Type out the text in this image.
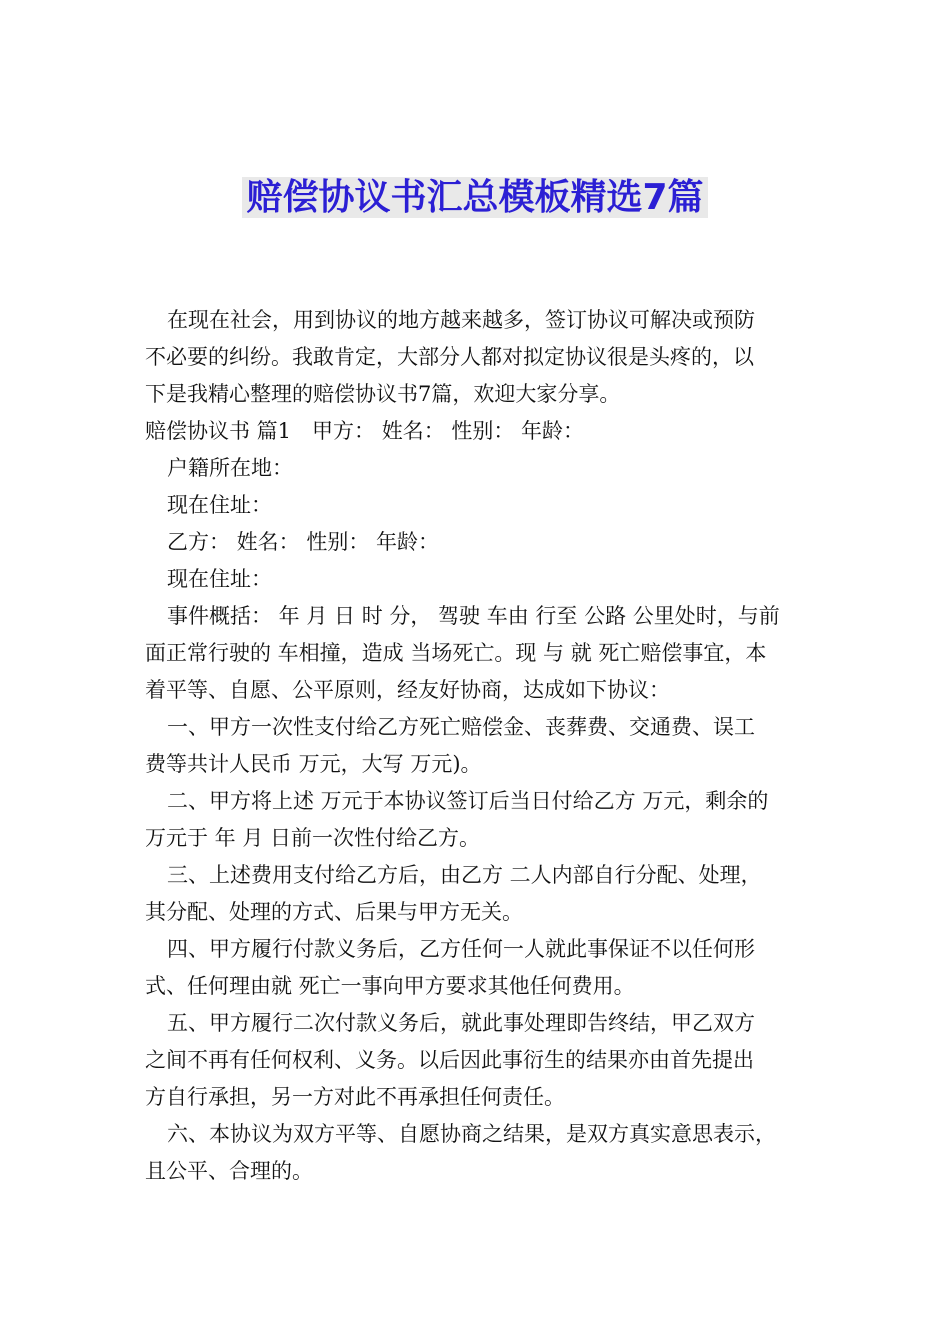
赔偿协议书汇总模板精选7篇

在现在社会，用到协议的地方越来越多，签订协议可解决或预防

不必要的纠纷。我敢肯定，大部分人都对拟定协议很是头疼的，以

下是我精心整理的赔偿协议书7篇，欢迎大家分享。

赔偿协议书 篇1　甲方： 姓名： 性别： 年龄：

户籍所在地：

现在住址：

乙方： 姓名： 性别： 年龄：

现在住址：

事件概括： 年 月 日 时 分， 驾驶 车由 行至 公路 公里处时，与前

面正常行驶的 车相撞，造成 当场死亡。现 与 就 死亡赔偿事宜，本

着平等、自愿、公平原则，经友好协商，达成如下协议：

一、甲方一次性支付给乙方死亡赔偿金、丧葬费、交通费、误工

费等共计人民币 万元，大写 万元)。

二、甲方将上述 万元于本协议签订后当日付给乙方 万元，剩余的

万元于 年 月 日前一次性付给乙方。

三、上述费用支付给乙方后，由乙方 二人内部自行分配、处理，

其分配、处理的方式、后果与甲方无关。

四、甲方履行付款义务后，乙方任何一人就此事保证不以任何形

式、任何理由就 死亡一事向甲方要求其他任何费用。

五、甲方履行二次付款义务后，就此事处理即告终结，甲乙双方

之间不再有任何权利、义务。以后因此事衍生的结果亦由首先提出

方自行承担，另一方对此不再承担任何责任。

六、本协议为双方平等、自愿协商之结果，是双方真实意思表示，

且公平、合理的。
